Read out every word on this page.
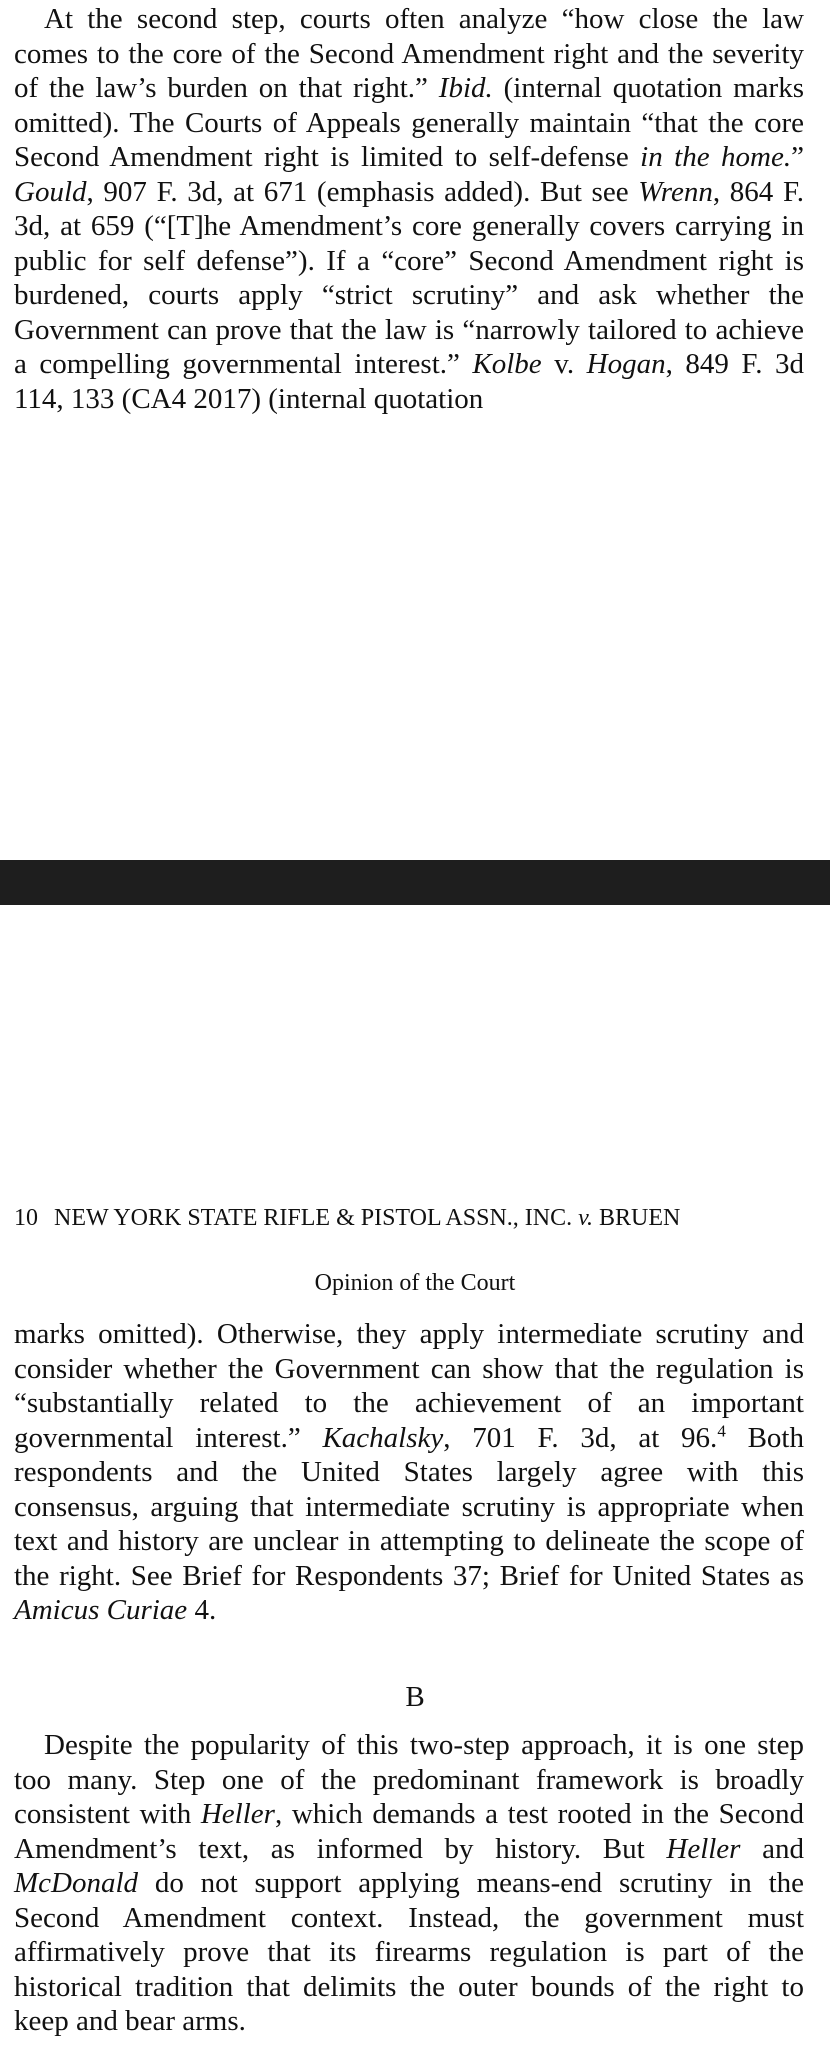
At the second step, courts often analyze “how close the law comes to the core of the Second Amendment right and the severity of the law’s burden on that right.” Ibid. (internal quotation marks omitted). The Courts of Appeals generally maintain “that the core Second Amendment right is limited to self-defense in the home.” Gould, 907 F. 3d, at 671 (emphasis added). But see Wrenn, 864 F. 3d, at 659 (“[T]he Amendment’s core generally covers carrying in public for self defense”). If a “core” Second Amendment right is burdened, courts apply “strict scrutiny” and ask whether the Government can prove that the law is “narrowly tailored to achieve a compelling governmental interest.” Kolbe v. Hogan, 849 F. 3d 114, 133 (CA4 2017) (internal quotation

10 NEW YORK STATE RIFLE & PISTOL ASSN., INC. v. BRUEN
Opinion of the Court

marks omitted). Otherwise, they apply intermediate scrutiny and consider whether the Government can show that the regulation is “substantially related to the achievement of an important governmental interest.” Kachalsky, 701 F. 3d, at 96.$^4$ Both respondents and the United States largely agree with this consensus, arguing that intermediate scrutiny is appropriate when text and history are unclear in attempting to delineate the scope of the right. See Brief for Respondents 37; Brief for United States as Amicus Curiae 4.

B

Despite the popularity of this two-step approach, it is one step too many. Step one of the predominant framework is broadly consistent with Heller, which demands a test rooted in the Second Amendment’s text, as informed by history. But Heller and McDonald do not support applying means-end scrutiny in the Second Amendment context. Instead, the government must affirmatively prove that its firearms regulation is part of the historical tradition that delimits the outer bounds of the right to keep and bear arms.
